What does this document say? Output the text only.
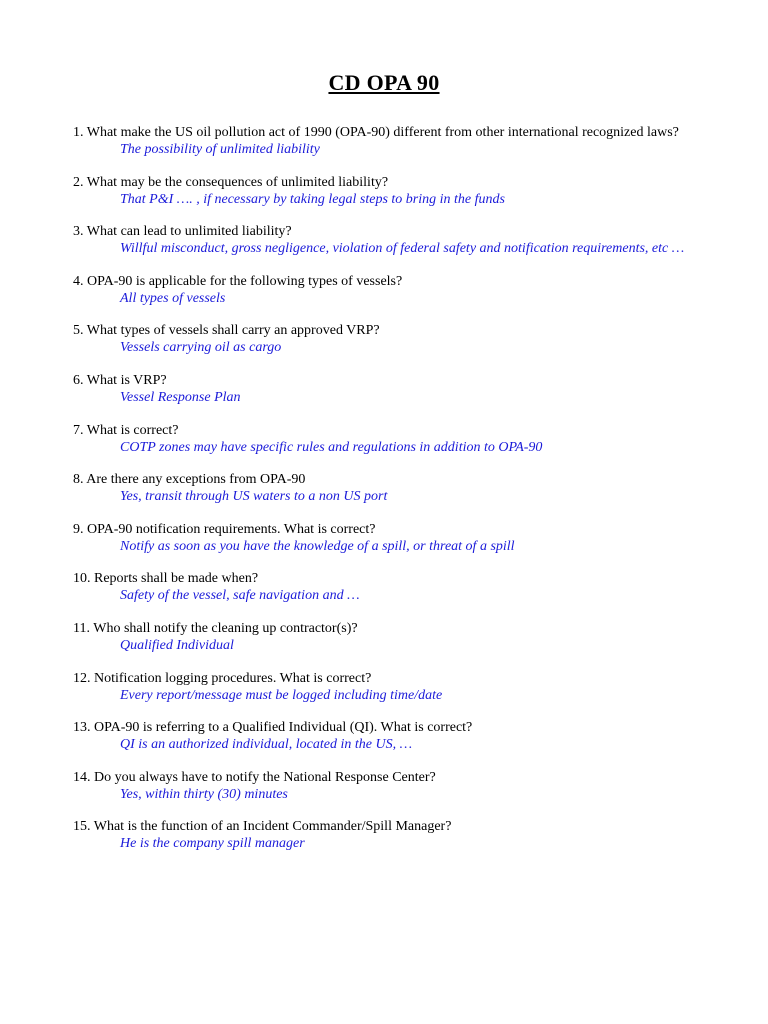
CD OPA 90
1. What make the US oil pollution act of 1990 (OPA-90) different from other international recognized laws?
The possibility of unlimited liability
2. What may be the consequences of unlimited liability?
That P&I …. , if necessary by taking legal steps to bring in the funds
3. What can lead to unlimited liability?
Willful misconduct, gross negligence, violation of federal safety and notification requirements, etc …
4. OPA-90 is applicable for the following types of vessels?
All types of vessels
5. What types of vessels shall carry an approved VRP?
Vessels carrying oil as cargo
6. What is VRP?
Vessel Response Plan
7. What is correct?
COTP zones may have specific rules and regulations in addition to OPA-90
8. Are there any exceptions from OPA-90
Yes, transit through US waters to a non US port
9. OPA-90 notification requirements. What is correct?
Notify as soon as you have the knowledge of a spill, or threat of a spill
10. Reports shall be made when?
Safety of the vessel, safe navigation and …
11. Who shall notify the cleaning up contractor(s)?
Qualified Individual
12. Notification logging procedures. What is correct?
Every report/message must be logged including time/date
13. OPA-90 is referring to a Qualified Individual (QI). What is correct?
QI is an authorized individual, located in the US, …
14. Do you always have to notify the National Response Center?
Yes, within thirty (30) minutes
15. What is the function of an Incident Commander/Spill Manager?
He is the company spill manager
